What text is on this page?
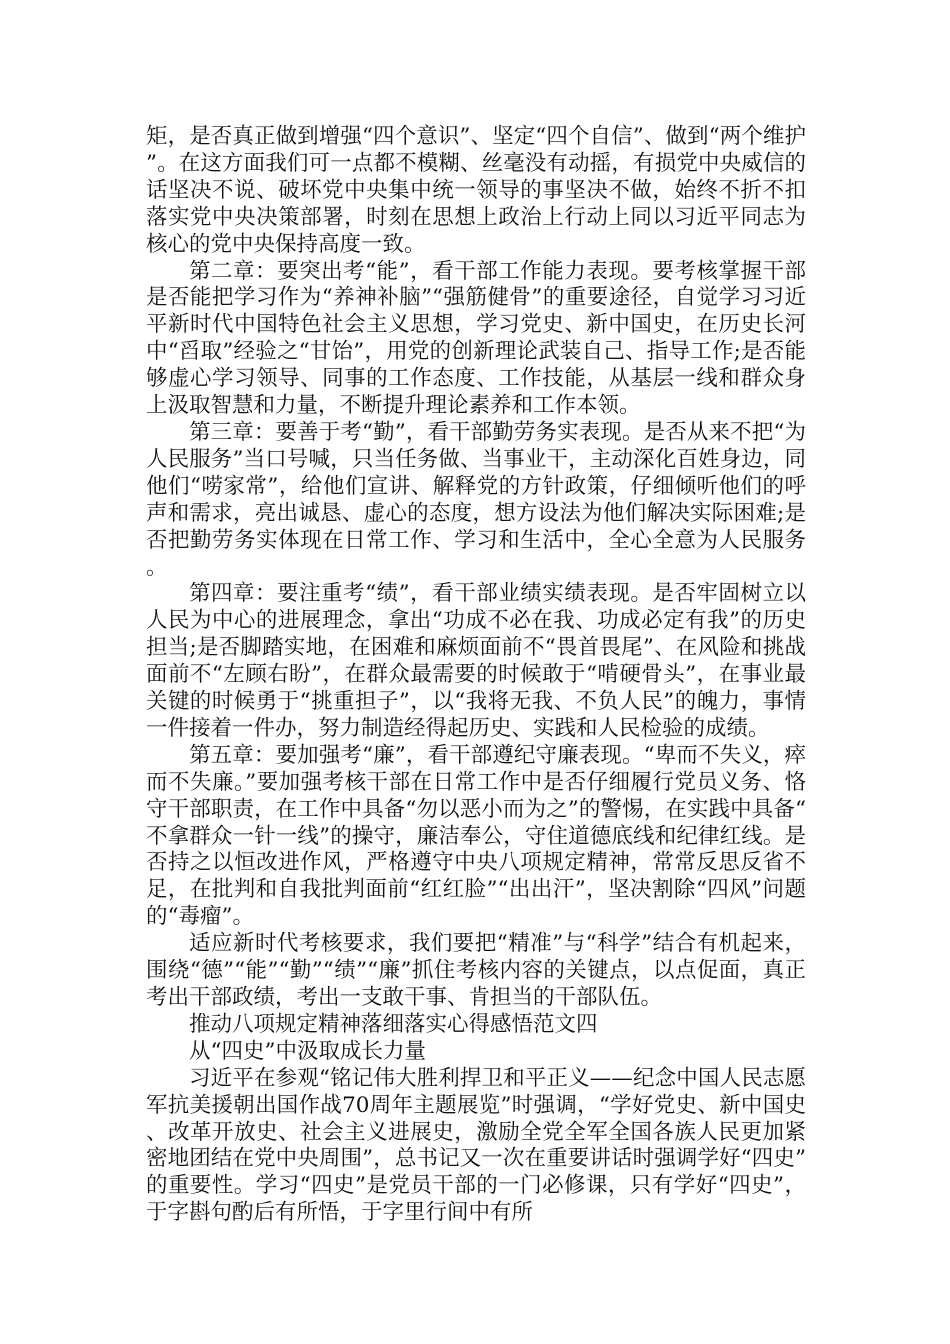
矩，是否真正做到增强“四个意识”、坚定“四个自信”、做到“两个维护”。在这方面我们可一点都不模糊、丝毫没有动摇，有损党中央威信的话坚决不说、破坏党中央集中统一领导的事坚决不做，始终不折不扣落实党中央决策部署，时刻在思想上政治上行动上同以习近平同志为核心的党中央保持高度一致。

第二章：要突出考“能”，看干部工作能力表现。要考核掌握干部是否能把学习作为“养神补脑”“强筋健骨”的重要途径，自觉学习习近平新时代中国特色社会主义思想，学习党史、新中国史，在历史长河中“舀取”经验之“甘饴”，用党的创新理论武装自己、指导工作;是否能够虚心学习领导、同事的工作态度、工作技能，从基层一线和群众身上汲取智慧和力量，不断提升理论素养和工作本领。

第三章：要善于考“勤”，看干部勤劳务实表现。是否从来不把“为人民服务”当口号喊，只当任务做、当事业干，主动深化百姓身边，同他们“唠家常”，给他们宣讲、解释党的方针政策，仔细倾听他们的呼声和需求，亮出诚恳、虚心的态度，想方设法为他们解决实际困难;是否把勤劳务实体现在日常工作、学习和生活中，全心全意为人民服务。

第四章：要注重考“绩”，看干部业绩实绩表现。是否牢固树立以人民为中心的进展理念，拿出“功成不必在我、功成必定有我”的历史担当;是否脚踏实地，在困难和麻烦面前不“畏首畏尾”、在风险和挑战面前不“左顾右盼”，在群众最需要的时候敢于“啃硬骨头”，在事业最关键的时候勇于“挑重担子”，以“我将无我、不负人民”的魄力，事情一件接着一件办，努力制造经得起历史、实践和人民检验的成绩。

第五章：要加强考“廉”，看干部遵纪守廉表现。“卑而不失义，瘁而不失廉。”要加强考核干部在日常工作中是否仔细履行党员义务、恪守干部职责，在工作中具备“勿以恶小而为之”的警惕，在实践中具备“不拿群众一针一线”的操守，廉洁奉公，守住道德底线和纪律红线。是否持之以恒改进作风，严格遵守中央八项规定精神，常常反思反省不足，在批判和自我批判面前“红红脸”“出出汗”，坚决割除“四风”问题的“毒瘤”。

适应新时代考核要求，我们要把“精准”与“科学”结合有机起来，围绕“德”“能”“勤”“绩”“廉”抓住考核内容的关键点，以点促面，真正考出干部政绩，考出一支敢干事、肯担当的干部队伍。

推动八项规定精神落细落实心得感悟范文四

从“四史”中汲取成长力量

习近平在参观“铭记伟大胜利捍卫和平正义——纪念中国人民志愿军抗美援朝出国作战70周年主题展览”时强调，“学好党史、新中国史、改革开放史、社会主义进展史，激励全党全军全国各族人民更加紧密地团结在党中央周围”，总书记又一次在重要讲话时强调学好“四史”的重要性。学习“四史”是党员干部的一门必修课，只有学好“四史”，于字斟句酌后有所悟，于字里行间中有所
